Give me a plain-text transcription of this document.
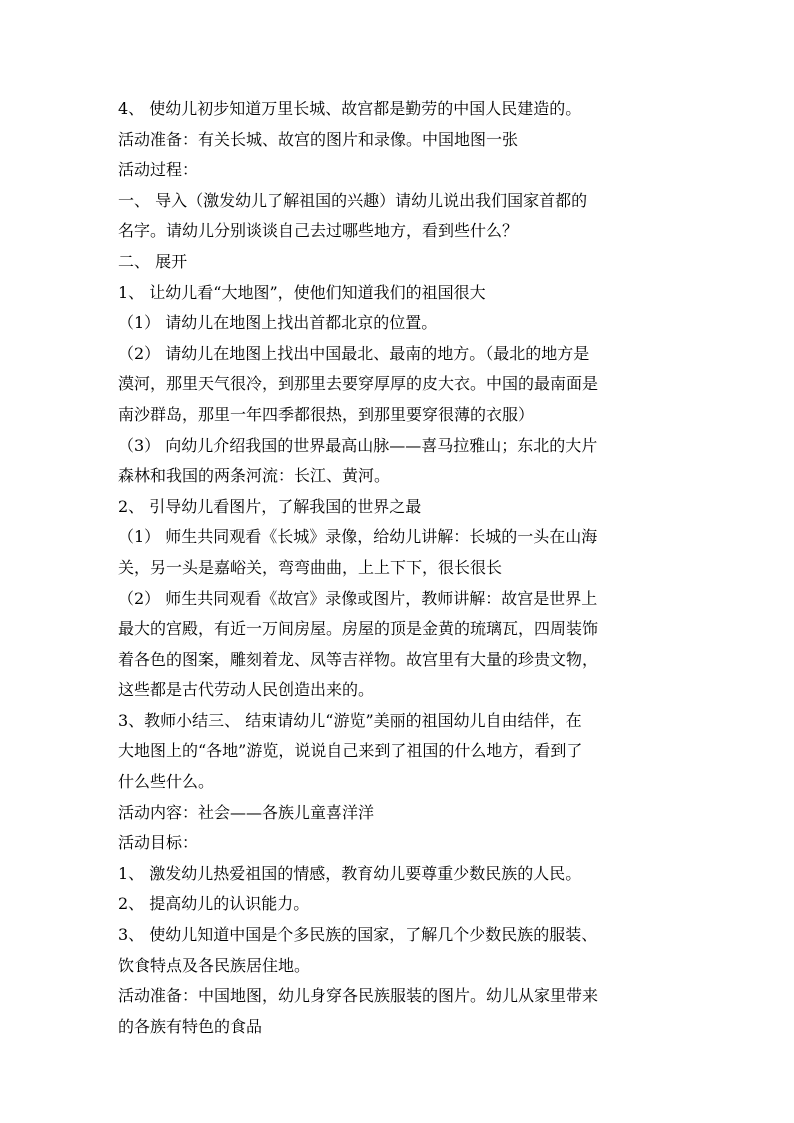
4、 使幼儿初步知道万里长城、故宫都是勤劳的中国人民建造的。
活动准备：有关长城、故宫的图片和录像。中国地图一张
活动过程：
一、 导入（激发幼儿了解祖国的兴趣）请幼儿说出我们国家首都的
名字。请幼儿分别谈谈自己去过哪些地方，看到些什么？
二、 展开
1、 让幼儿看“大地图”，使他们知道我们的祖国很大
（1） 请幼儿在地图上找出首都北京的位置。
（2） 请幼儿在地图上找出中国最北、最南的地方。（最北的地方是
漠河，那里天气很冷，到那里去要穿厚厚的皮大衣。中国的最南面是
南沙群岛，那里一年四季都很热，到那里要穿很薄的衣服）
（3） 向幼儿介绍我国的世界最高山脉——喜马拉雅山；东北的大片
森林和我国的两条河流：长江、黄河。
2、 引导幼儿看图片，了解我国的世界之最
（1） 师生共同观看《长城》录像，给幼儿讲解：长城的一头在山海
关，另一头是嘉峪关，弯弯曲曲，上上下下，很长很长
（2） 师生共同观看《故宫》录像或图片，教师讲解：故宫是世界上
最大的宫殿，有近一万间房屋。房屋的顶是金黄的琉璃瓦，四周装饰
着各色的图案，雕刻着龙、凤等吉祥物。故宫里有大量的珍贵文物，
这些都是古代劳动人民创造出来的。
3、教师小结三、 结束请幼儿“游览”美丽的祖国幼儿自由结伴，在
大地图上的“各地”游览，说说自己来到了祖国的什么地方，看到了
什么些什么。
活动内容：社会——各族儿童喜洋洋
活动目标：
1、 激发幼儿热爱祖国的情感，教育幼儿要尊重少数民族的人民。
2、 提高幼儿的认识能力。
3、 使幼儿知道中国是个多民族的国家，了解几个少数民族的服装、
饮食特点及各民族居住地。
活动准备：中国地图，幼儿身穿各民族服装的图片。幼儿从家里带来
的各族有特色的食品
